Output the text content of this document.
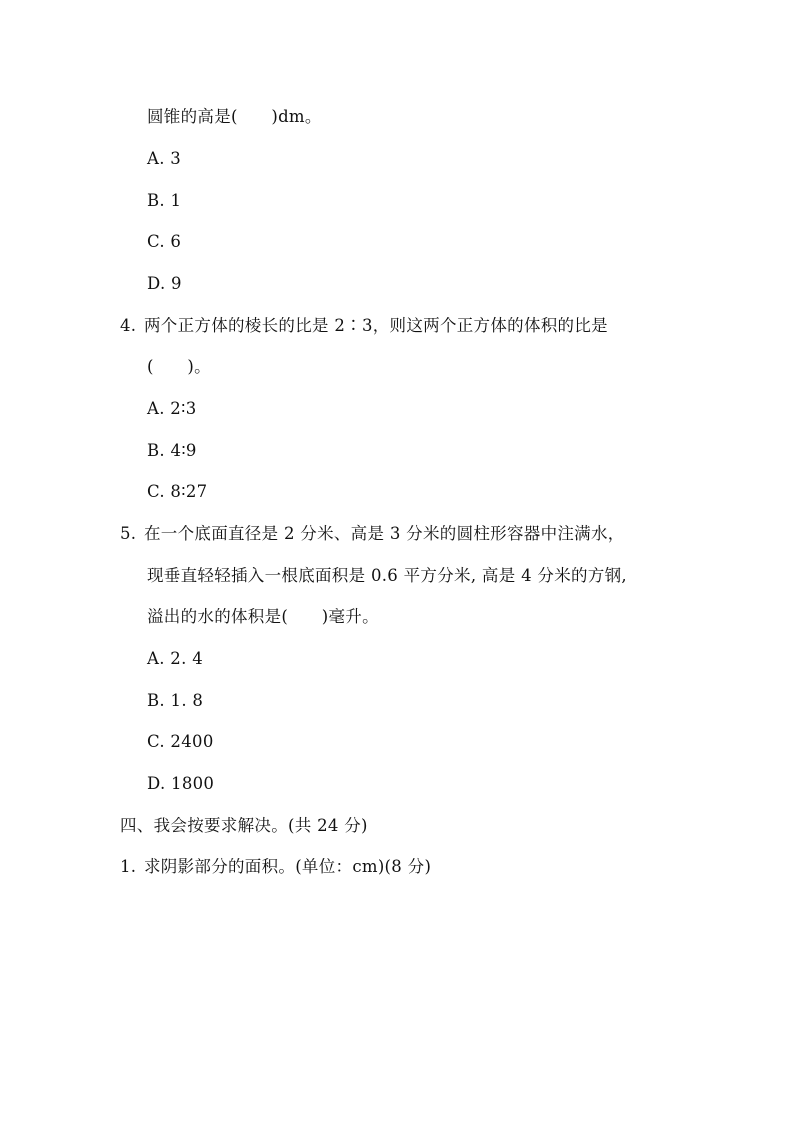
圆锥的高是(　　)dm。
A. 3
B. 1
C. 6
D. 9
4. 两个正方体的棱长的比是 2∶3，则这两个正方体的体积的比是
(　　)。
A. 2∶3
B. 4∶9
C. 8∶27
5. 在一个底面直径是 2 分米、高是 3 分米的圆柱形容器中注满水，
现垂直轻轻插入一根底面积是 0.6 平方分米, 高是 4 分米的方钢,
溢出的水的体积是(　　)毫升。
A. 2. 4
B. 1. 8
C. 2400
D. 1800
四、我会按要求解决。(共 24 分)
1. 求阴影部分的面积。(单位：cm)(8 分)
